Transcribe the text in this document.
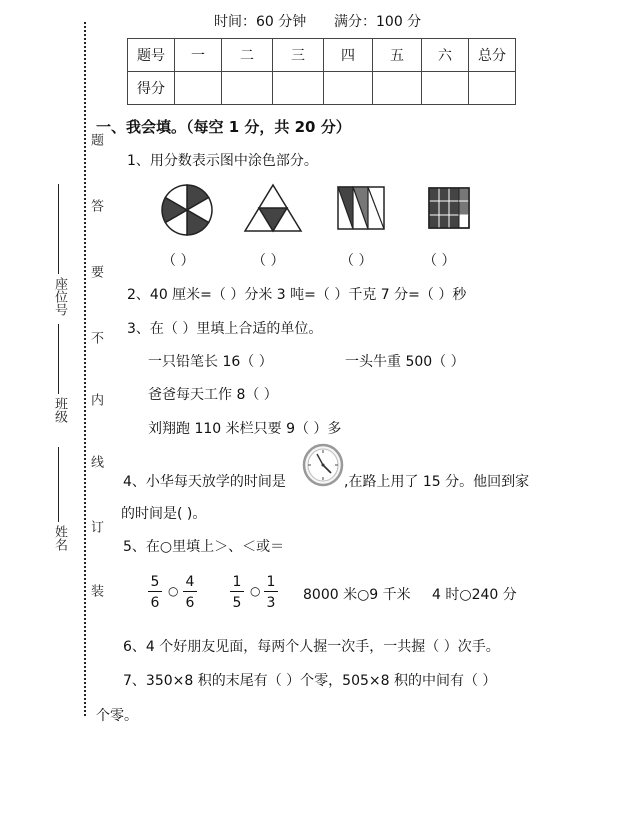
时间：60 分钟 满分：100 分
题号	一	二	三	四	五	六	总分
得分							
座位号
班级
姓名
题
答
要
不
内
线
订
装
一、我会填。（每空 1 分，共 20 分）
1、用分数表示图中涂色部分。
（ ）	（ ）	（ ）	（ ）
2、40 厘米=（ ）分米 3 吨=（ ）千克 7 分=（ ）秒
3、在（ ）里填上合适的单位。
一只铅笔长 16（ ）	一头牛重 500（ ）
爸爸每天工作 8（ ）
刘翔跑 110 米栏只要 9（ ）多
4、小华每天放学的时间是	,在路上用了 15 分。他回到家
的时间是( )。
5、在○里填上＞、＜或＝
$\frac{5}{6}$ ○ $\frac{4}{6} \frac{1}{5}$ ○ $\frac{1}{3} 8000$ 米○9 千米 4 时○240 分
6、4 个好朋友见面，每两个人握一次手，一共握（ ）次手。
7、350×8 积的末尾有（ ）个零，505×8 积的中间有（ ）
个零。
